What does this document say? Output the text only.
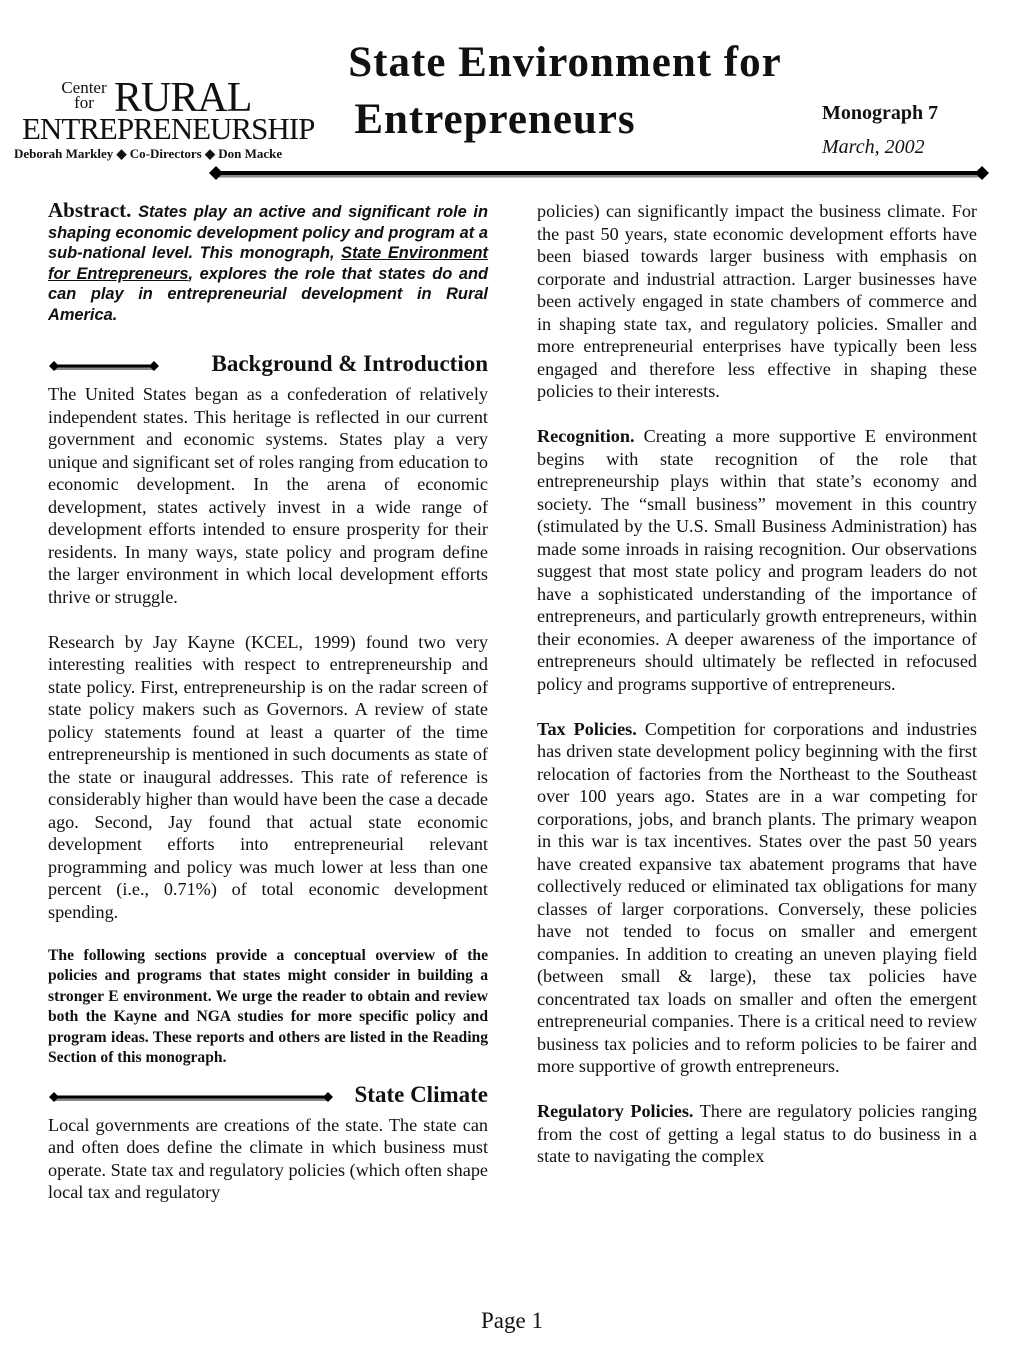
Center
for RURAL
ENTREPRENEURSHIP
Deborah Markley ◆ Co-Directors ◆ Don Macke
State Environment for
Entrepreneurs	Monograph 7
March, 2002

Abstract. States play an active and significant role in shaping economic development policy and program at a sub-national level. This monograph, State Environment for Entrepreneurs, explores the role that states do and can play in entrepreneurial development in Rural America.

Background & Introduction

The United States began as a confederation of relatively independent states. This heritage is reflected in our current government and economic systems. States play a very unique and significant set of roles ranging from education to economic development. In the arena of economic development, states actively invest in a wide range of development efforts intended to ensure prosperity for their residents. In many ways, state policy and program define the larger environment in which local development efforts thrive or struggle.

Research by Jay Kayne (KCEL, 1999) found two very interesting realities with respect to entrepreneurship and state policy. First, entrepreneurship is on the radar screen of state policy makers such as Governors. A review of state policy statements found at least a quarter of the time entrepreneurship is mentioned in such documents as state of the state or inaugural addresses. This rate of reference is considerably higher than would have been the case a decade ago. Second, Jay found that actual state economic development efforts into entrepreneurial relevant programming and policy was much lower at less than one percent (i.e., 0.71%) of total economic development spending.

The following sections provide a conceptual overview of the policies and programs that states might consider in building a stronger E environment. We urge the reader to obtain and review both the Kayne and NGA studies for more specific policy and program ideas. These reports and others are listed in the Reading Section of this monograph.

State Climate

Local governments are creations of the state. The state can and often does define the climate in which business must operate. State tax and regulatory policies (which often shape local tax and regulatory

policies) can significantly impact the business climate. For the past 50 years, state economic development efforts have been biased towards larger business with emphasis on corporate and industrial attraction. Larger businesses have been actively engaged in state chambers of commerce and in shaping state tax, and regulatory policies. Smaller and more entrepreneurial enterprises have typically been less engaged and therefore less effective in shaping these policies to their interests.

Recognition. Creating a more supportive E environment begins with state recognition of the role that entrepreneurship plays within that state’s economy and society. The “small business” movement in this country (stimulated by the U.S. Small Business Administration) has made some inroads in raising recognition. Our observations suggest that most state policy and program leaders do not have a sophisticated understanding of the importance of entrepreneurs, and particularly growth entrepreneurs, within their economies. A deeper awareness of the importance of entrepreneurs should ultimately be reflected in refocused policy and programs supportive of entrepreneurs.

Tax Policies. Competition for corporations and industries has driven state development policy beginning with the first relocation of factories from the Northeast to the Southeast over 100 years ago. States are in a war competing for corporations, jobs, and branch plants. The primary weapon in this war is tax incentives. States over the past 50 years have created expansive tax abatement programs that have collectively reduced or eliminated tax obligations for many classes of larger corporations. Conversely, these policies have not tended to focus on smaller and emergent companies. In addition to creating an uneven playing field (between small & large), these tax policies have concentrated tax loads on smaller and often the emergent entrepreneurial companies. There is a critical need to review business tax policies and to reform policies to be fairer and more supportive of growth entrepreneurs.

Regulatory Policies. There are regulatory policies ranging from the cost of getting a legal status to do business in a state to navigating the complex

Page 1
